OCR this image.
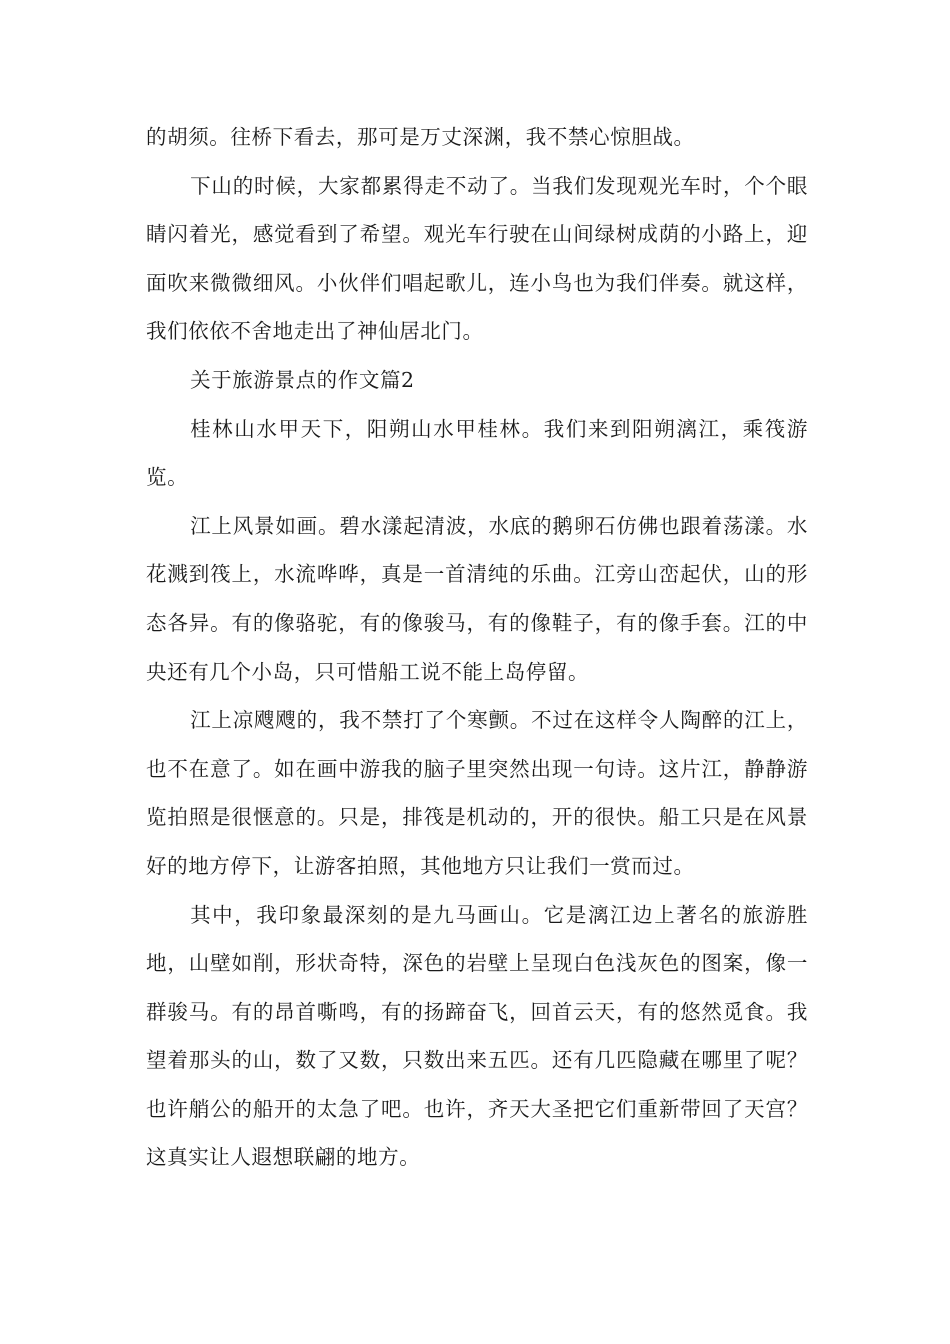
的胡须。往桥下看去，那可是万丈深渊，我不禁心惊胆战。

下山的时候，大家都累得走不动了。当我们发现观光车时，个个眼睛闪着光，感觉看到了希望。观光车行驶在山间绿树成荫的小路上，迎面吹来微微细风。小伙伴们唱起歌儿，连小鸟也为我们伴奏。就这样，我们依依不舍地走出了神仙居北门。

关于旅游景点的作文篇2

桂林山水甲天下，阳朔山水甲桂林。我们来到阳朔漓江，乘筏游览。

江上风景如画。碧水漾起清波，水底的鹅卵石仿佛也跟着荡漾。水花溅到筏上，水流哗哗，真是一首清纯的乐曲。江旁山峦起伏，山的形态各异。有的像骆驼，有的像骏马，有的像鞋子，有的像手套。江的中央还有几个小岛，只可惜船工说不能上岛停留。

江上凉飕飕的，我不禁打了个寒颤。不过在这样令人陶醉的江上，也不在意了。如在画中游我的脑子里突然出现一句诗。这片江，静静游览拍照是很惬意的。只是，排筏是机动的，开的很快。船工只是在风景好的地方停下，让游客拍照，其他地方只让我们一赏而过。

其中，我印象最深刻的是九马画山。它是漓江边上著名的旅游胜地，山壁如削，形状奇特，深色的岩壁上呈现白色浅灰色的图案，像一群骏马。有的昂首嘶鸣，有的扬蹄奋飞，回首云天，有的悠然觅食。我望着那头的山，数了又数，只数出来五匹。还有几匹隐藏在哪里了呢？也许艄公的船开的太急了吧。也许，齐天大圣把它们重新带回了天宫？这真实让人遐想联翩的地方。
